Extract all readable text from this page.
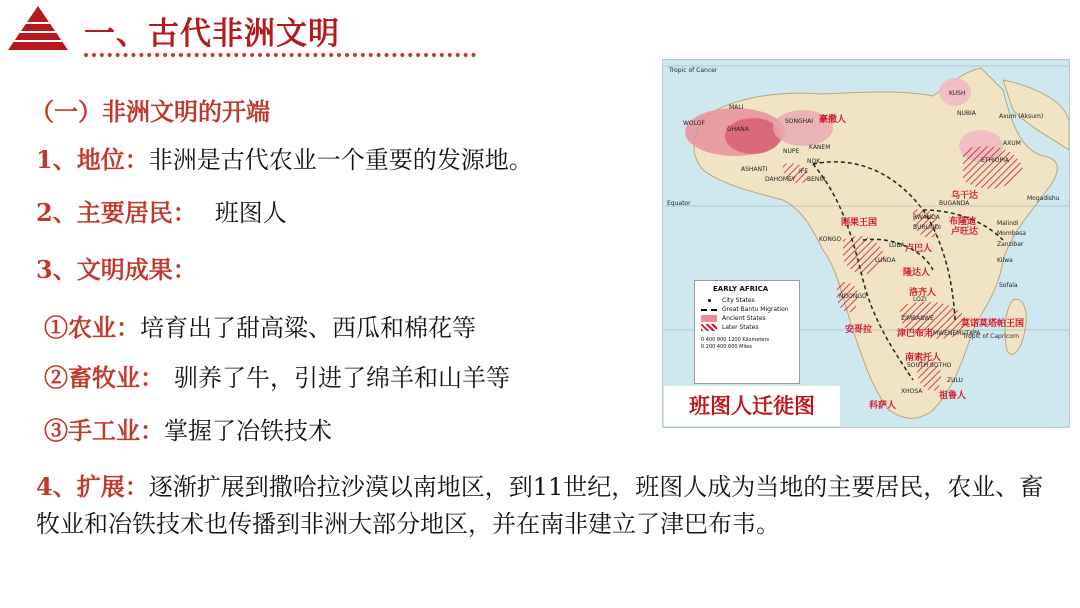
一、古代非洲文明
（一）非洲文明的开端
1、地位：非洲是古代农业一个重要的发源地。
2、主要居民： 班图人
3、文明成果：
①农业：培育出了甜高粱、西瓜和棉花等
②畜牧业： 驯养了牛，引进了绵羊和山羊等
③手工业：掌握了冶铁技术
4、扩展：逐渐扩展到撒哈拉沙漠以南地区，到11世纪，班图人成为当地的主要居民，农业、畜牧业和冶铁技术也传播到非洲大部分地区，并在南非建立了津巴布韦。
Tropic of Cancer
Equator
Tropic of Capricorn
KUSH
NUBIA	Axum (Aksum)
AXUM
ETHIOPIA
MALI
WOLOF
GHANA
SONGHAI
NUPE
KANEM
NOK
IFE
ASHANTI
DAHOMEY BENIN
BUGANDA
RWANDA
BURUNDI
KONGO
LUBA
LUNDA
LOZI
NDONGO
ZIMBABWE
MWENEMUTAPA
SOUTH SOTHO
XHOSA
ZULU
Mogadishu
Malindi
Mombasa
Zanzibar
Kilwa
Sofala
豪撒人
乌干达
刚果王国	布隆迪
卢旺达
卢巴人
隆达人
洛齐人
安哥拉	津巴布韦
莫诺莫塔帕王国
南索托人
科萨人
祖鲁人
EARLY AFRICA
City States
Great Bantu Migration
Ancient States
Later States
0 400 800 1200 Kilometers
0 200 400 600 Miles
班图人迁徙图
